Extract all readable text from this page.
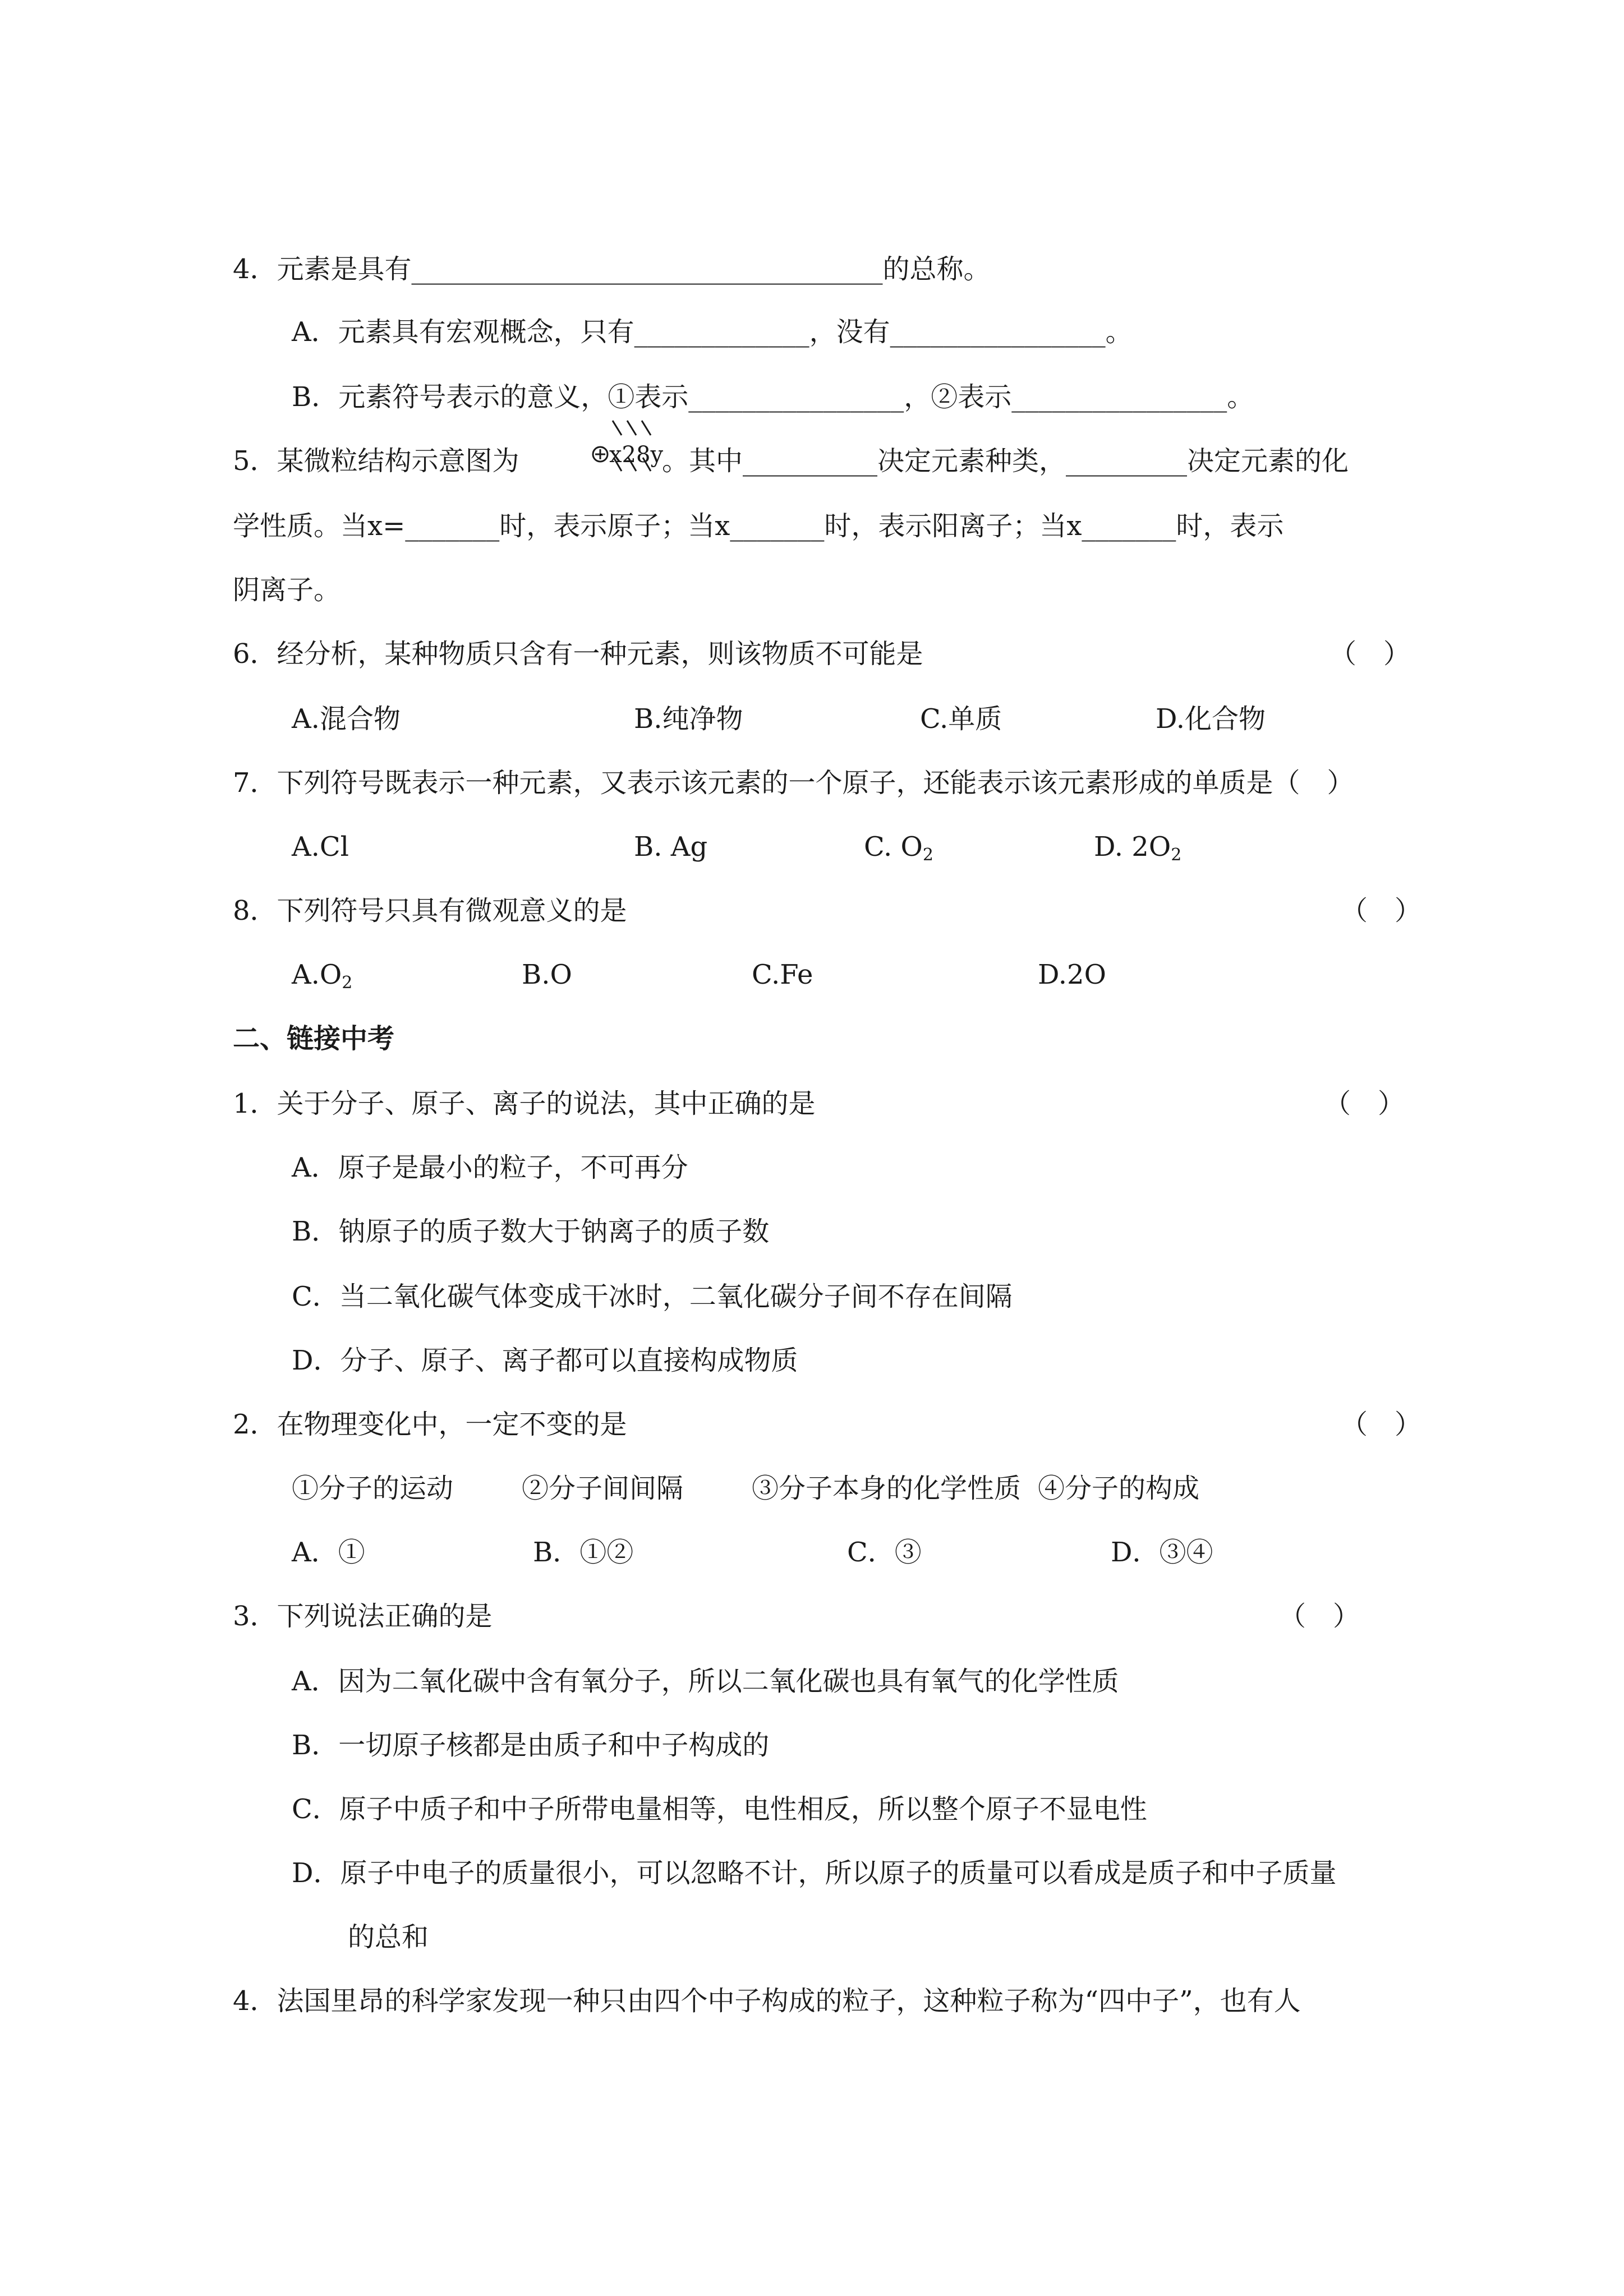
4．元素是具有___________________________________的总称。
A．元素具有宏观概念，只有_____________，没有________________。
B．元素符号表示的意义，①表示________________，②表示________________。
5．某微粒结构示意图为	x28y
。其中__________决定元素种类，_________决定元素的化
学性质。当x=_______时，表示原子；当x_______时，表示阳离子；当x_______时，表示
阴离子。
6．经分析，某种物质只含有一种元素，则该物质不可能是	（　）
A.混合物	B.纯净物	C.单质	D.化合物
7．下列符号既表示一种元素，又表示该元素的一个原子，还能表示该元素形成的单质是（　）
A.Cl	B. Ag	C. $O_2$	D. $2O_2$
8．下列符号只具有微观意义的是	（　）
$A.O_2$	B.O	C.Fe	D.2O
二、链接中考
1．关于分子、原子、离子的说法，其中正确的是	（　）
A．原子是最小的粒子，不可再分
B．钠原子的质子数大于钠离子的质子数
C．当二氧化碳气体变成干冰时，二氧化碳分子间不存在间隔
D．分子、原子、离子都可以直接构成物质
2．在物理变化中，一定不变的是	（　）
①分子的运动	②分子间间隔	③分子本身的化学性质 ④分子的构成
A．①	B．①②	C．③	D．③④
3．下列说法正确的是	（　）
A．因为二氧化碳中含有氧分子，所以二氧化碳也具有氧气的化学性质
B．一切原子核都是由质子和中子构成的
C．原子中质子和中子所带电量相等，电性相反，所以整个原子不显电性
D．原子中电子的质量很小，可以忽略不计，所以原子的质量可以看成是质子和中子质量
的总和
4．法国里昂的科学家发现一种只由四个中子构成的粒子，这种粒子称为“四中子”，也有人
